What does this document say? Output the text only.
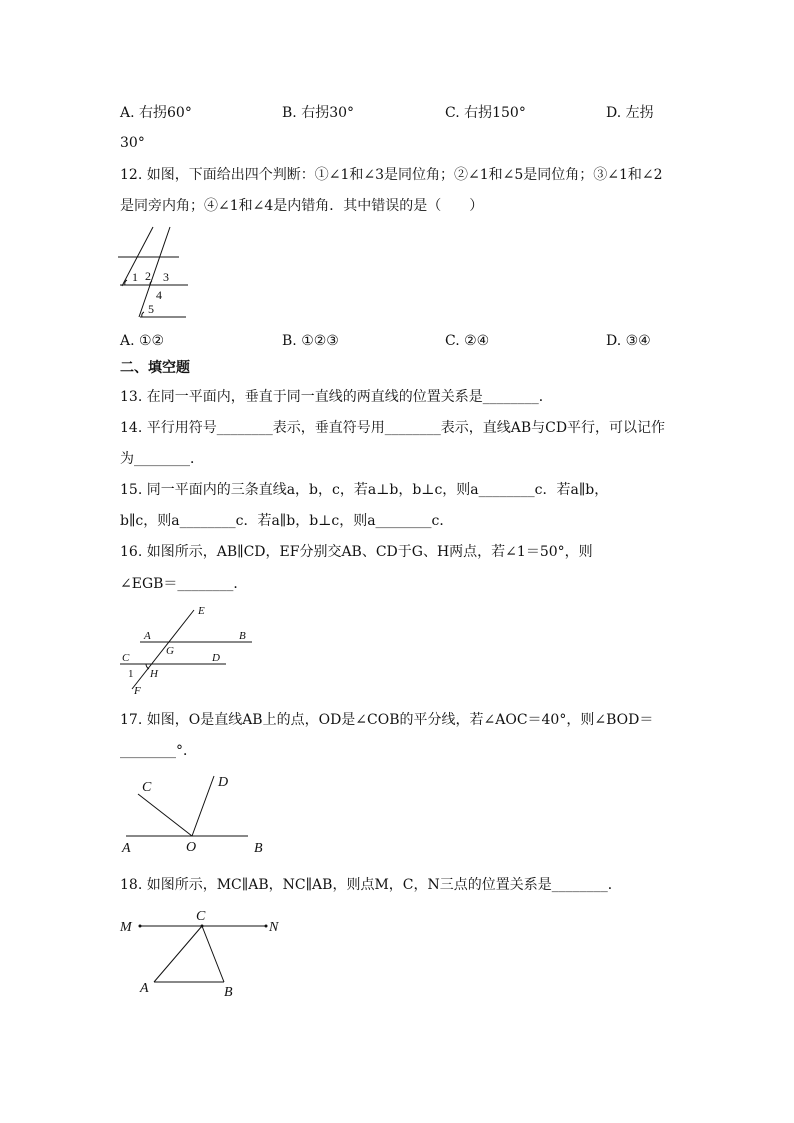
A. 右拐60°	B. 右拐30°	C. 右拐150°	D. 左拐
30°
12. 如图，下面给出四个判断：①∠1和∠3是同位角；②∠1和∠5是同位角；③∠1和∠2
是同旁内角；④∠1和∠4是内错角．其中错误的是（　　）
1 2 3
4
5
A. ①②	B. ①②③	C. ②④	D. ③④
二、填空题
13. 在同一平面内，垂直于同一直线的两直线的位置关系是________．
14. 平行用符号________表示，垂直符号用________表示，直线AB与CD平行，可以记作
为________．
15. 同一平面内的三条直线a，b，c，若a⊥b，b⊥c，则a________c．若a∥b，
b∥c，则a________c．若a∥b，b⊥c，则a________c．
16. 如图所示，AB∥CD，EF分别交AB、CD于G、H两点，若∠1＝50°，则
∠EGB＝________．
E
A	B
G
C	D
1 H
F
17. 如图，O是直线AB上的点，OD是∠COB的平分线，若∠AOC＝40°，则∠BOD＝
________°．
C	D
A	O	B
18. 如图所示，MC∥AB，NC∥AB，则点M，C，N三点的位置关系是________．
M
C
N
A	B
